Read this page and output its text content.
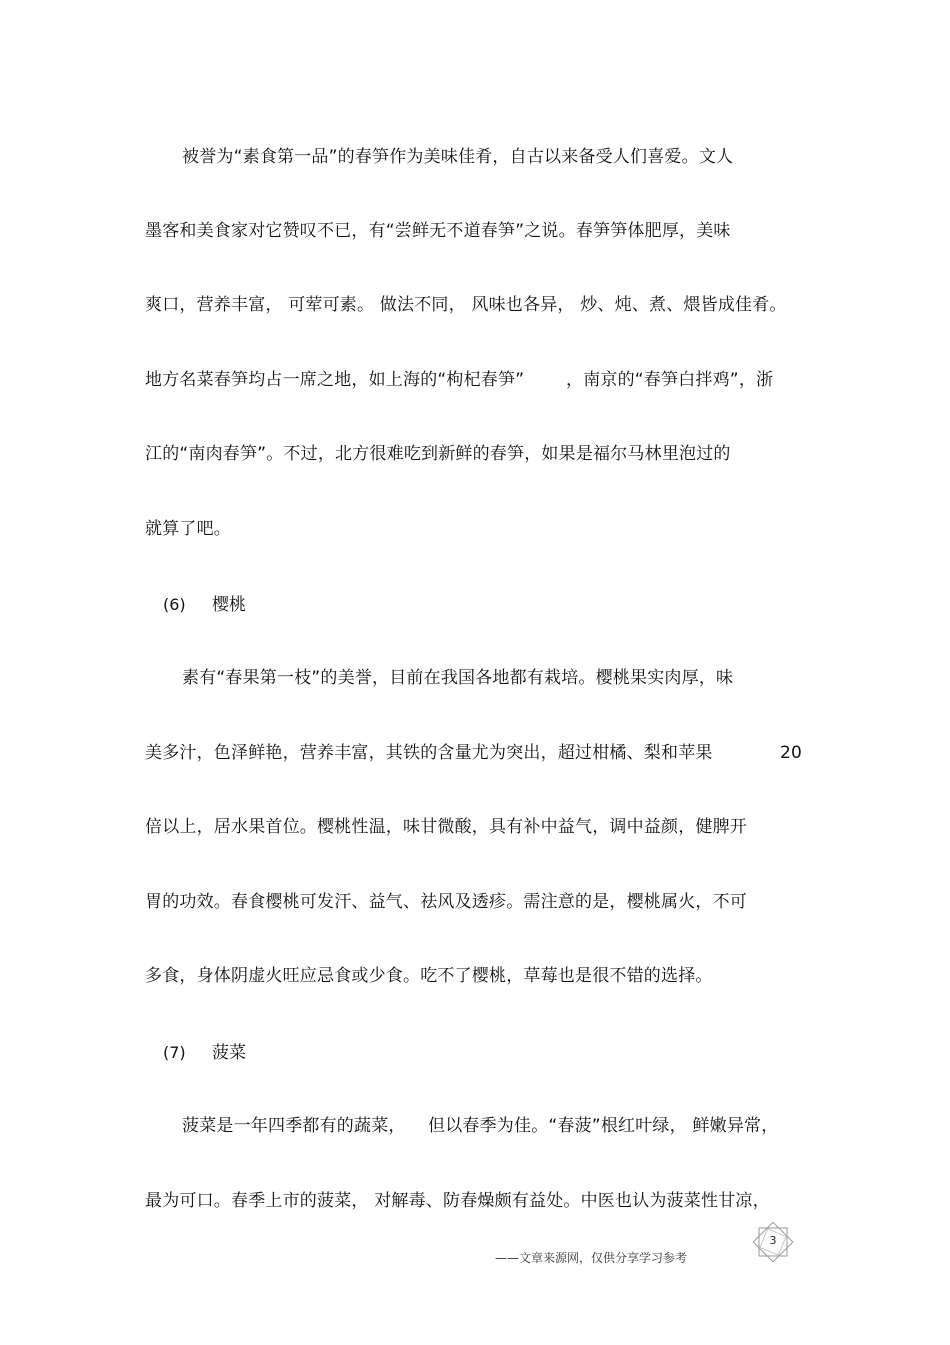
被誉为“素食第一品”的春笋作为美味佳肴，自古以来备受人们喜爱。文人
墨客和美食家对它赞叹不已，有“尝鲜无不道春笋”之说。春笋笋体肥厚，美味
爽口，营养丰富， 可荤可素。 做法不同， 风味也各异， 炒、炖、煮、煨皆成佳肴。
地方名菜春笋均占一席之地，如上海的“枸杞春笋” ，南京的“春笋白拌鸡”，浙
江的“南肉春笋”。不过，北方很难吃到新鲜的春笋，如果是福尔马林里泡过的
就算了吧。
(6) 樱桃
素有“春果第一枝”的美誉，目前在我国各地都有栽培。樱桃果实肉厚，味
美多汁，色泽鲜艳，营养丰富，其铁的含量尤为突出，超过柑橘、梨和苹果	20
倍以上，居水果首位。樱桃性温，味甘微酸，具有补中益气，调中益颜，健脾开
胃的功效。春食樱桃可发汗、益气、祛风及透疹。需注意的是，樱桃属火，不可
多食，身体阴虚火旺应忌食或少食。吃不了樱桃，草莓也是很不错的选择。
(7) 菠菜
菠菜是一年四季都有的蔬菜， 但以春季为佳。“春菠”根红叶绿， 鲜嫩异常，
最为可口。春季上市的菠菜， 对解毒、防春燥颇有益处。中医也认为菠菜性甘凉，
——文章来源网，仅供分享学习参考
3
